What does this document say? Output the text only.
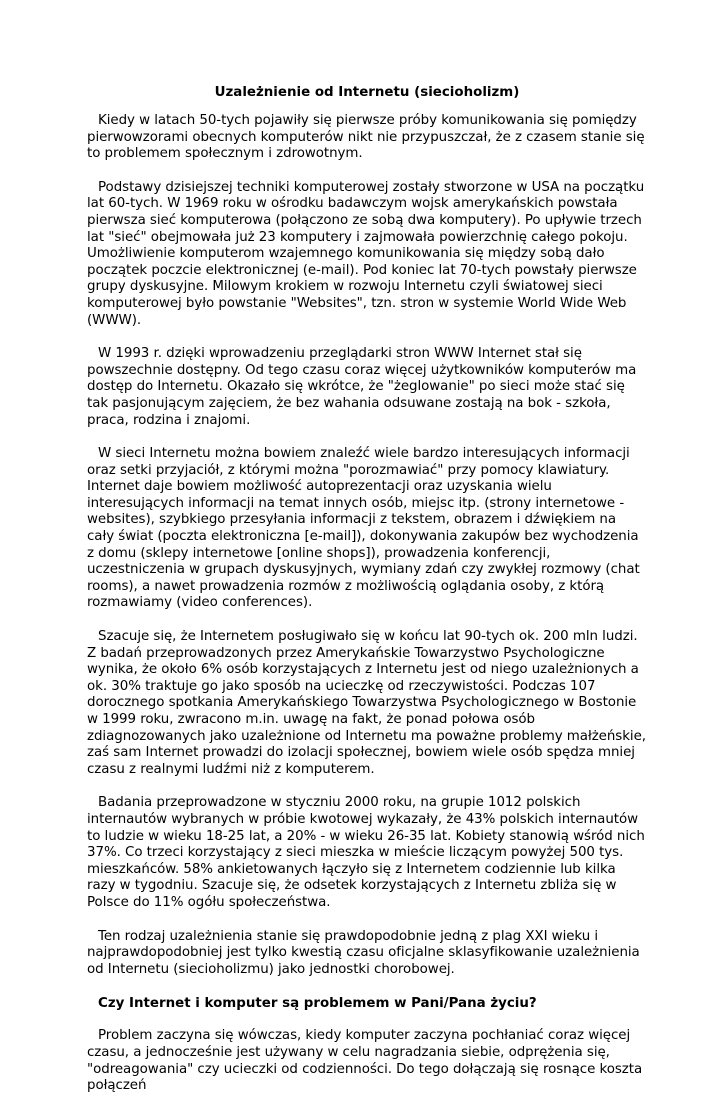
Uzależnienie od Internetu (siecioholizm)

Kiedy w latach 50-tych pojawiły się pierwsze próby komunikowania się pomiędzy pierwowzorami obecnych komputerów nikt nie przypuszczał, że z czasem stanie się to problemem społecznym i zdrowotnym.

Podstawy dzisiejszej techniki komputerowej zostały stworzone w USA na początku lat 60-tych. W 1969 roku w ośrodku badawczym wojsk amerykańskich powstała pierwsza sieć komputerowa (połączono ze sobą dwa komputery). Po upływie trzech lat "sieć" obejmowała już 23 komputery i zajmowała powierzchnię całego pokoju. Umożliwienie komputerom wzajemnego komunikowania się między sobą dało początek poczcie elektronicznej (e-mail). Pod koniec lat 70-tych powstały pierwsze grupy dyskusyjne. Milowym krokiem w rozwoju Internetu czyli światowej sieci komputerowej było powstanie "Websites", tzn. stron w systemie World Wide Web (WWW).

W 1993 r. dzięki wprowadzeniu przeglądarki stron WWW Internet stał się powszechnie dostępny. Od tego czasu coraz więcej użytkowników komputerów ma dostęp do Internetu. Okazało się wkrótce, że "żeglowanie" po sieci może stać się tak pasjonującym zajęciem, że bez wahania odsuwane zostają na bok - szkoła, praca, rodzina i znajomi.

W sieci Internetu można bowiem znaleźć wiele bardzo interesujących informacji oraz setki przyjaciół, z którymi można "porozmawiać" przy pomocy klawiatury. Internet daje bowiem możliwość autoprezentacji oraz uzyskania wielu interesujących informacji na temat innych osób, miejsc itp. (strony internetowe - websites), szybkiego przesyłania informacji z tekstem, obrazem i dźwiękiem na cały świat (poczta elektroniczna [e-mail]), dokonywania zakupów bez wychodzenia z domu (sklepy internetowe [online shops]), prowadzenia konferencji, uczestniczenia w grupach dyskusyjnych, wymiany zdań czy zwykłej rozmowy (chat rooms), a nawet prowadzenia rozmów z możliwością oglądania osoby, z którą rozmawiamy (video conferences).

Szacuje się, że Internetem posługiwało się w końcu lat 90-tych ok. 200 mln ludzi. Z badań przeprowadzonych przez Amerykańskie Towarzystwo Psychologiczne wynika, że około 6% osób korzystających z Internetu jest od niego uzależnionych a ok. 30% traktuje go jako sposób na ucieczkę od rzeczywistości. Podczas 107 dorocznego spotkania Amerykańskiego Towarzystwa Psychologicznego w Bostonie w 1999 roku, zwracono m.in. uwagę na fakt, że ponad połowa osób zdiagnozowanych jako uzależnione od Internetu ma poważne problemy małżeńskie, zaś sam Internet prowadzi do izolacji społecznej, bowiem wiele osób spędza mniej czasu z realnymi ludźmi niż z komputerem.

Badania przeprowadzone w styczniu 2000 roku, na grupie 1012 polskich internautów wybranych w próbie kwotowej wykazały, że 43% polskich internautów to ludzie w wieku 18-25 lat, a 20% - w wieku 26-35 lat. Kobiety stanowią wśród nich 37%. Co trzeci korzystający z sieci mieszka w mieście liczącym powyżej 500 tys. mieszkańców. 58% ankietowanych łączyło się z Internetem codziennie lub kilka razy w tygodniu. Szacuje się, że odsetek korzystających z Internetu zbliża się w Polsce do 11% ogółu społeczeństwa.

Ten rodzaj uzależnienia stanie się prawdopodobnie jedną z plag XXI wieku i najprawdopodobniej jest tylko kwestią czasu oficjalne sklasyfikowanie uzależnienia od Internetu (siecioholizmu) jako jednostki chorobowej.

Czy Internet i komputer są problemem w Pani/Pana życiu?

Problem zaczyna się wówczas, kiedy komputer zaczyna pochłaniać coraz więcej czasu, a jednocześnie jest używany w celu nagradzania siebie, odprężenia się, "odreagowania" czy ucieczki od codzienności. Do tego dołączają się rosnące koszta połączeń
